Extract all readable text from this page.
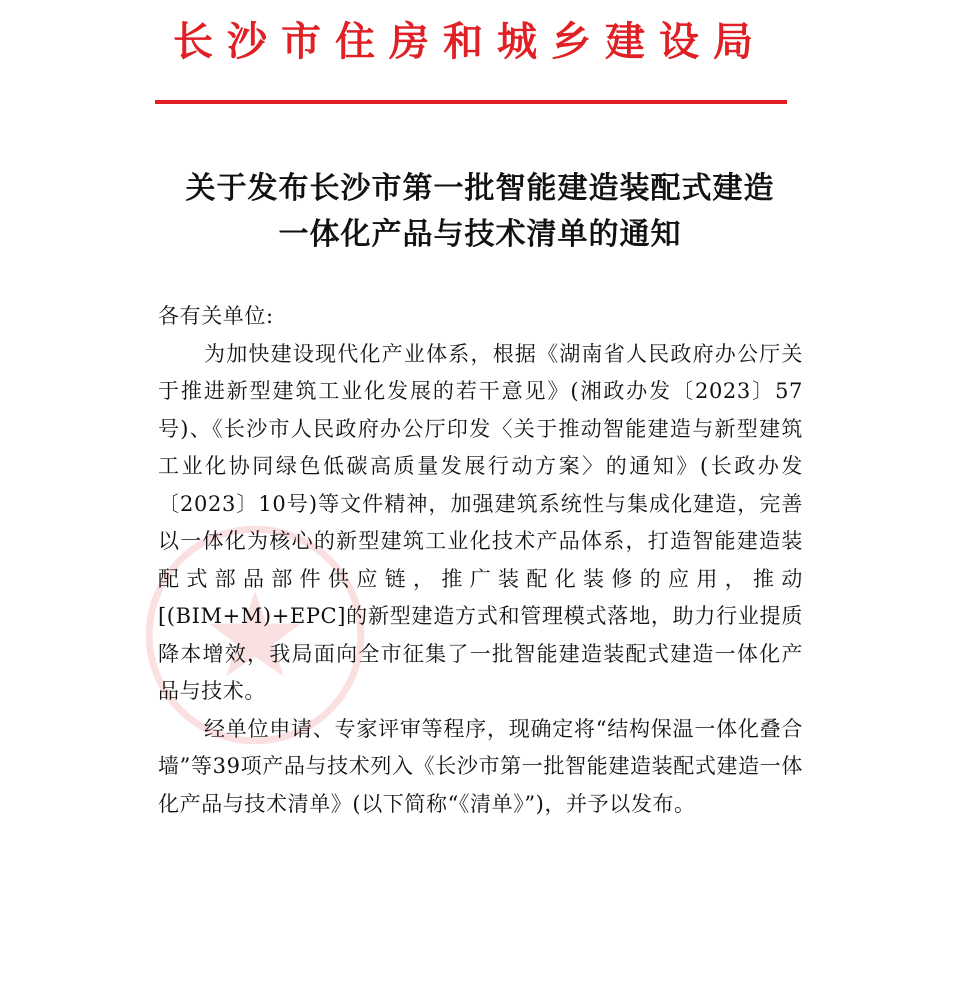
长沙市住房和城乡建设局
关于发布长沙市第一批智能建造装配式建造
一体化产品与技术清单的通知

各有关单位:

为加快建设现代化产业体系，根据《湖南省人民政府办公厅关于推进新型建筑工业化发展的若干意见》(湘政办发〔2023〕57号)、《长沙市人民政府办公厅印发〈关于推动智能建造与新型建筑工业化协同绿色低碳高质量发展行动方案〉的通知》(长政办发〔2023〕10号)等文件精神，加强建筑系统性与集成化建造，完善以一体化为核心的新型建筑工业化技术产品体系，打造智能建造装配式部品部件供应链，推广装配化装修的应用，推动[(BIM+M)+EPC]的新型建造方式和管理模式落地，助力行业提质降本增效，我局面向全市征集了一批智能建造装配式建造一体化产品与技术。

经单位申请、专家评审等程序，现确定将“结构保温一体化叠合墙”等39项产品与技术列入《长沙市第一批智能建造装配式建造一体化产品与技术清单》(以下简称“《清单》”)，并予以发布。
